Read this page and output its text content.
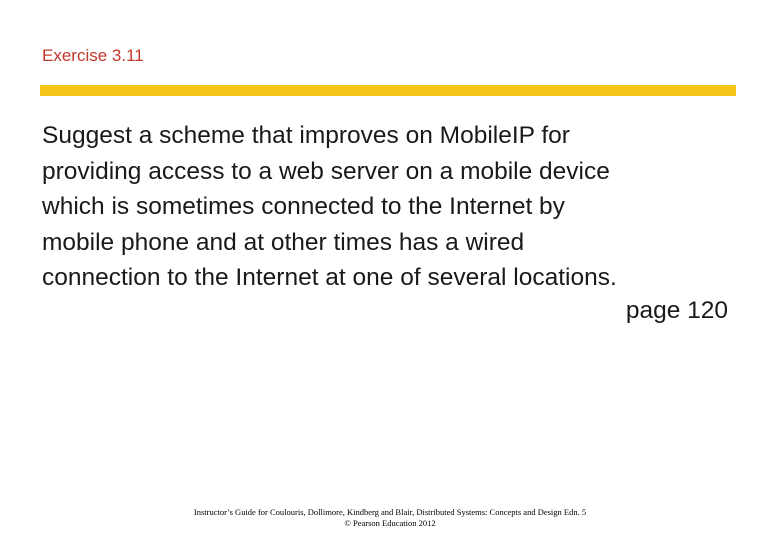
Exercise 3.11
Suggest a scheme that improves on MobileIP for
providing access to a web server on a mobile device
which is sometimes connected to the Internet by
mobile phone and at other times has a wired
connection to the Internet at one of several locations.
page 120
Instructor’s Guide for Coulouris, Dollimore, Kindberg and Blair, Distributed Systems: Concepts and Design Edn. 5
© Pearson Education 2012
